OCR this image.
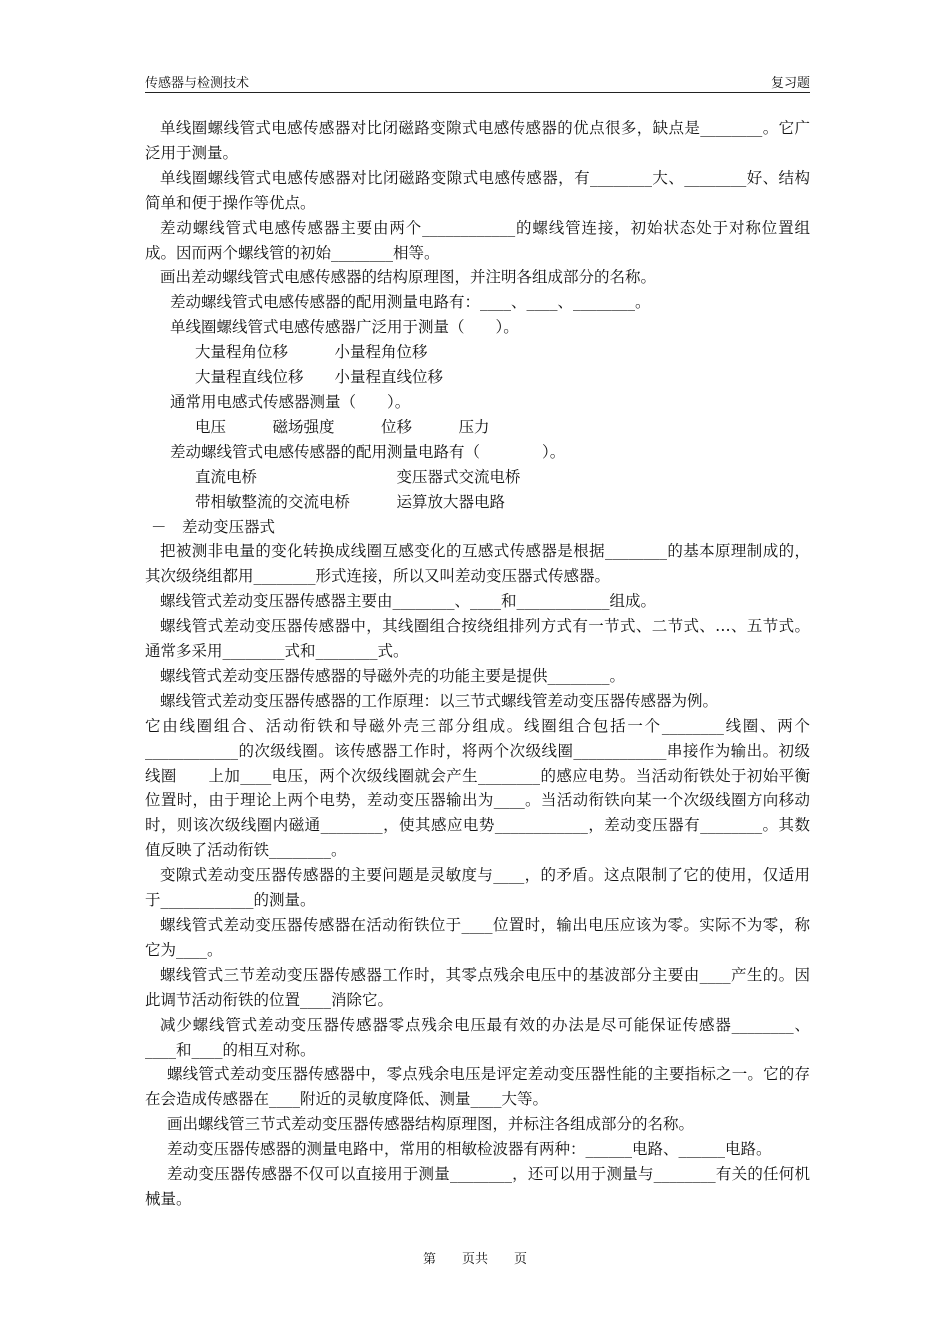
传感器与检测技术	复习题

单线圈螺线管式电感传感器对比闭磁路变隙式电感传感器的优点很多，缺点是________。它广泛用于测量。

单线圈螺线管式电感传感器对比闭磁路变隙式电感传感器，有________大、________好、结构简单和便于操作等优点。

差动螺线管式电感传感器主要由两个____________的螺线管连接，初始状态处于对称位置组成。因而两个螺线管的初始________相等。

画出差动螺线管式电感传感器的结构原理图，并注明各组成部分的名称。

差动螺线管式电感传感器的配用测量电路有：____、____、________。

单线圈螺线管式电感传感器广泛用于测量（　　）。

大量程角位移　　　小量程角位移

大量程直线位移　　小量程直线位移

通常用电感式传感器测量（　　）。

电压　　　磁场强度　　　位移　　　压力

差动螺线管式电感传感器的配用测量电路有（　　　　）。

直流电桥　　　　　　　　　变压器式交流电桥

带相敏整流的交流电桥　　　运算放大器电路

－　差动变压器式

把被测非电量的变化转换成线圈互感变化的互感式传感器是根据________的基本原理制成的，其次级绕组都用________形式连接，所以又叫差动变压器式传感器。

螺线管式差动变压器传感器主要由________、____和____________组成。

螺线管式差动变压器传感器中，其线圈组合按绕组排列方式有一节式、二节式、…、五节式。通常多采用________式和________式。

螺线管式差动变压器传感器的导磁外壳的功能主要是提供________。

螺线管式差动变压器传感器的工作原理：以三节式螺线管差动变压器传感器为例。

它由线圈组合、活动衔铁和导磁外壳三部分组成。线圈组合包括一个________线圈、两个____________的次级线圈。该传感器工作时，将两个次级线圈____________串接作为输出。初级线圈　　上加____电压，两个次级线圈就会产生________的感应电势。当活动衔铁处于初始平衡位置时，由于理论上两个电势，差动变压器输出为____。当活动衔铁向某一个次级线圈方向移动时，则该次级线圈内磁通________，使其感应电势____________，差动变压器有________。其数值反映了活动衔铁________。

变隙式差动变压器传感器的主要问题是灵敏度与____，的矛盾。这点限制了它的使用，仅适用于____________的测量。

螺线管式差动变压器传感器在活动衔铁位于____位置时，输出电压应该为零。实际不为零，称它为____。

螺线管式三节差动变压器传感器工作时，其零点残余电压中的基波部分主要由____产生的。因此调节活动衔铁的位置____消除它。

减少螺线管式差动变压器传感器零点残余电压最有效的办法是尽可能保证传感器________、____和____的相互对称。

螺线管式差动变压器传感器中，零点残余电压是评定差动变压器性能的主要指标之一。它的存在会造成传感器在____附近的灵敏度降低、测量____大等。

画出螺线管三节式差动变压器传感器结构原理图，并标注各组成部分的名称。

差动变压器传感器的测量电路中，常用的相敏检波器有两种：______电路、______电路。

差动变压器传感器不仅可以直接用于测量________，还可以用于测量与________有关的任何机械量。

第　　页共　　页
